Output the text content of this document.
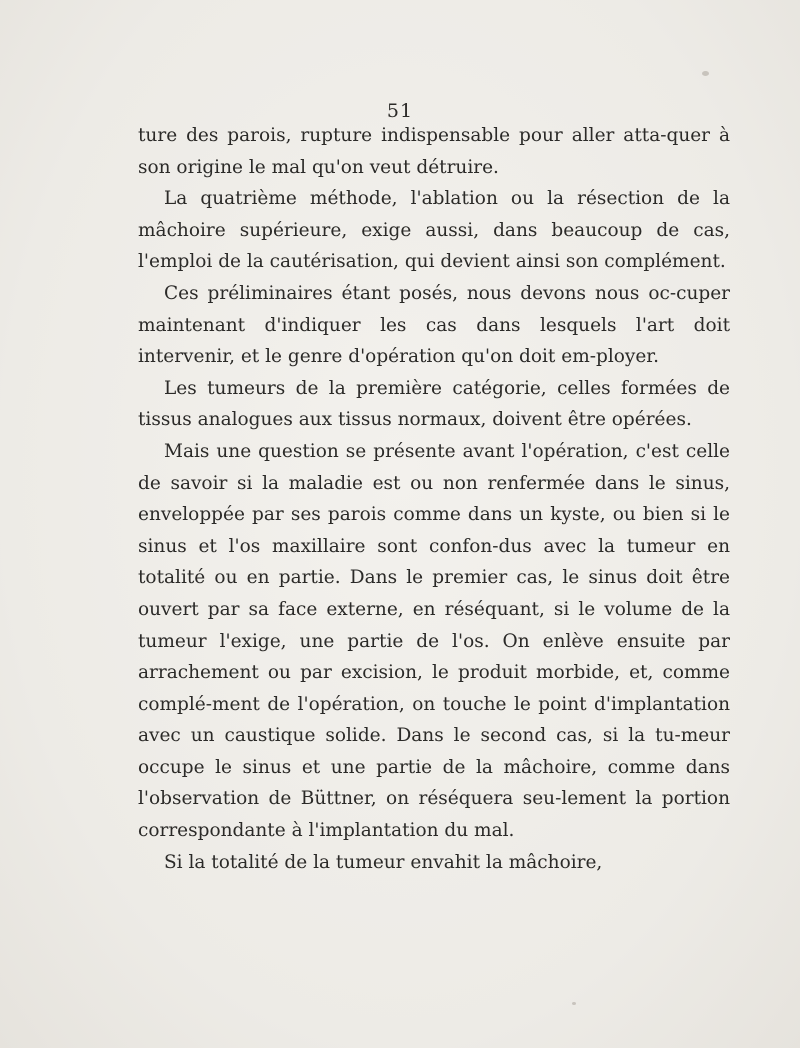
51

ture des parois, rupture indispensable pour aller atta-quer à son origine le mal qu'on veut détruire.

La quatrième méthode, l'ablation ou la résection de la mâchoire supérieure, exige aussi, dans beaucoup de cas, l'emploi de la cautérisation, qui devient ainsi son complément.

Ces préliminaires étant posés, nous devons nous oc-cuper maintenant d'indiquer les cas dans lesquels l'art doit intervenir, et le genre d'opération qu'on doit em-ployer.

Les tumeurs de la première catégorie, celles formées de tissus analogues aux tissus normaux, doivent être opérées.

Mais une question se présente avant l'opération, c'est celle de savoir si la maladie est ou non renfermée dans le sinus, enveloppée par ses parois comme dans un kyste, ou bien si le sinus et l'os maxillaire sont confon-dus avec la tumeur en totalité ou en partie. Dans le premier cas, le sinus doit être ouvert par sa face externe, en réséquant, si le volume de la tumeur l'exige, une partie de l'os. On enlève ensuite par arrachement ou par excision, le produit morbide, et, comme complé-ment de l'opération, on touche le point d'implantation avec un caustique solide. Dans le second cas, si la tu-meur occupe le sinus et une partie de la mâchoire, comme dans l'observation de Büttner, on réséquera seu-lement la portion correspondante à l'implantation du mal.

Si la totalité de la tumeur envahit la mâchoire,
